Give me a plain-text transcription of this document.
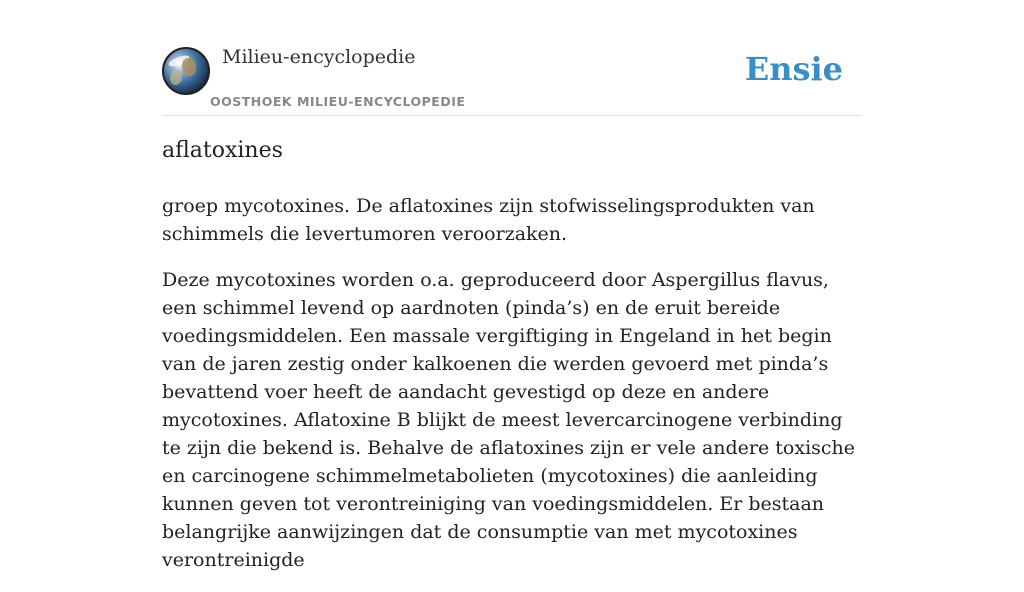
Milieu-encyclopedie
OOSTHOEK MILIEU-ENCYCLOPEDIE
Ensie
aflatoxines

groep mycotoxines. De aflatoxines zijn stofwisselingsprodukten van schimmels die levertumoren veroorzaken.

Deze mycotoxines worden o.a. geproduceerd door Aspergillus flavus, een schimmel levend op aardnoten (pinda’s) en de eruit bereide voedingsmiddelen. Een massale vergiftiging in Engeland in het begin van de jaren zestig onder kalkoenen die werden gevoerd met pinda’s bevattend voer heeft de aandacht gevestigd op deze en andere mycotoxines. Aflatoxine B blijkt de meest levercarcinogene verbinding te zijn die bekend is. Behalve de aflatoxines zijn er vele andere toxische en carcinogene schimmelmetabolieten (mycotoxines) die aanleiding kunnen geven tot verontreiniging van voedingsmiddelen. Er bestaan belangrijke aanwijzingen dat de consumptie van met mycotoxines verontreinigde
